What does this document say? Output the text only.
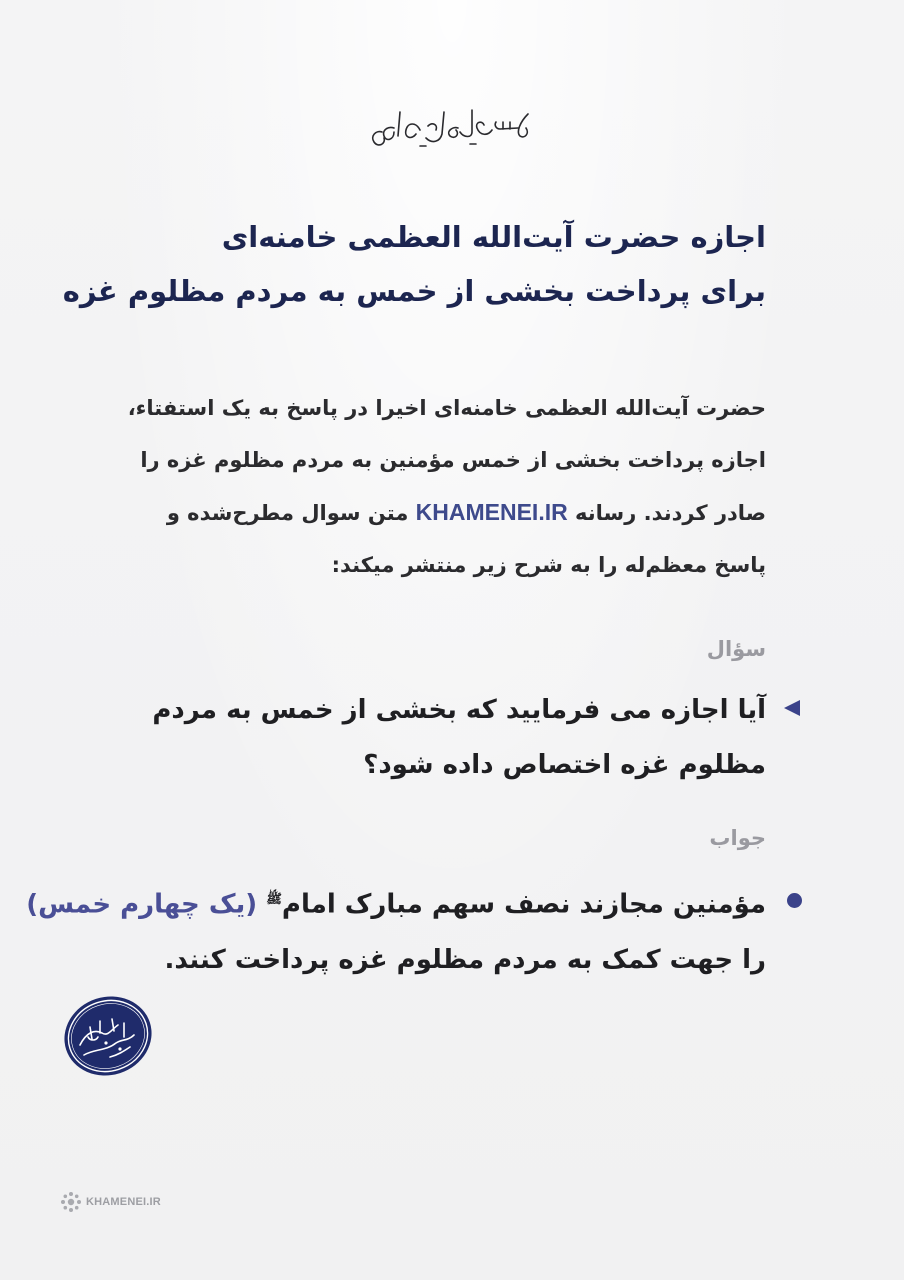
اجازه حضرت آیت‌الله العظمی خامنه‌ای
برای پرداخت بخشی از خمس به مردم مظلوم غزه

حضرت آیت‌الله العظمی خامنه‌ای اخیرا در پاسخ به یک استفتاء،
اجازه پرداخت بخشی از خمس مؤمنین به مردم مظلوم غزه را
صادر کردند. رسانه KHAMENEI.IR متن سوال مطرح‌شده و
پاسخ معظم‌له را به شرح زیر منتشر میکند:

سؤال

آیا اجازه می فرمایید که بخشی از خمس به مردم
مظلوم غزه اختصاص داده شود؟

جواب

مؤمنین مجازند نصف سهم مبارک امام$^ﷺ$ (یک چهارم خمس)
را جهت کمک به مردم مظلوم غزه پرداخت کنند.

KHAMENEI.IR
